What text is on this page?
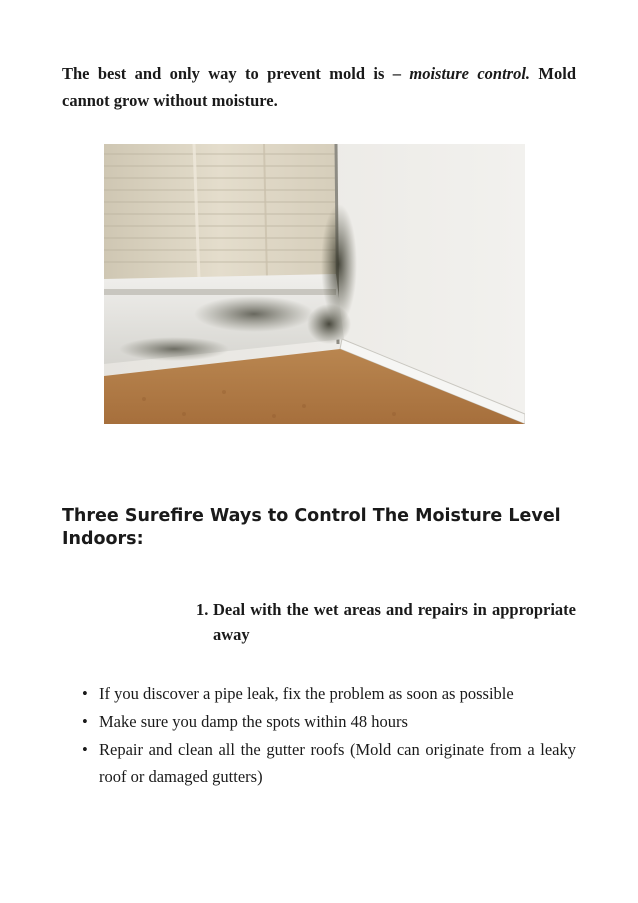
The best and only way to prevent mold is – moisture control. Mold cannot grow without moisture.

Three Surefire Ways to Control The Moisture Level Indoors:

1. Deal with the wet areas and repairs in appropriate away

• If you discover a pipe leak, fix the problem as soon as possible
• Make sure you damp the spots within 48 hours
• Repair and clean all the gutter roofs (Mold can originate from a leaky roof or damaged gutters)
